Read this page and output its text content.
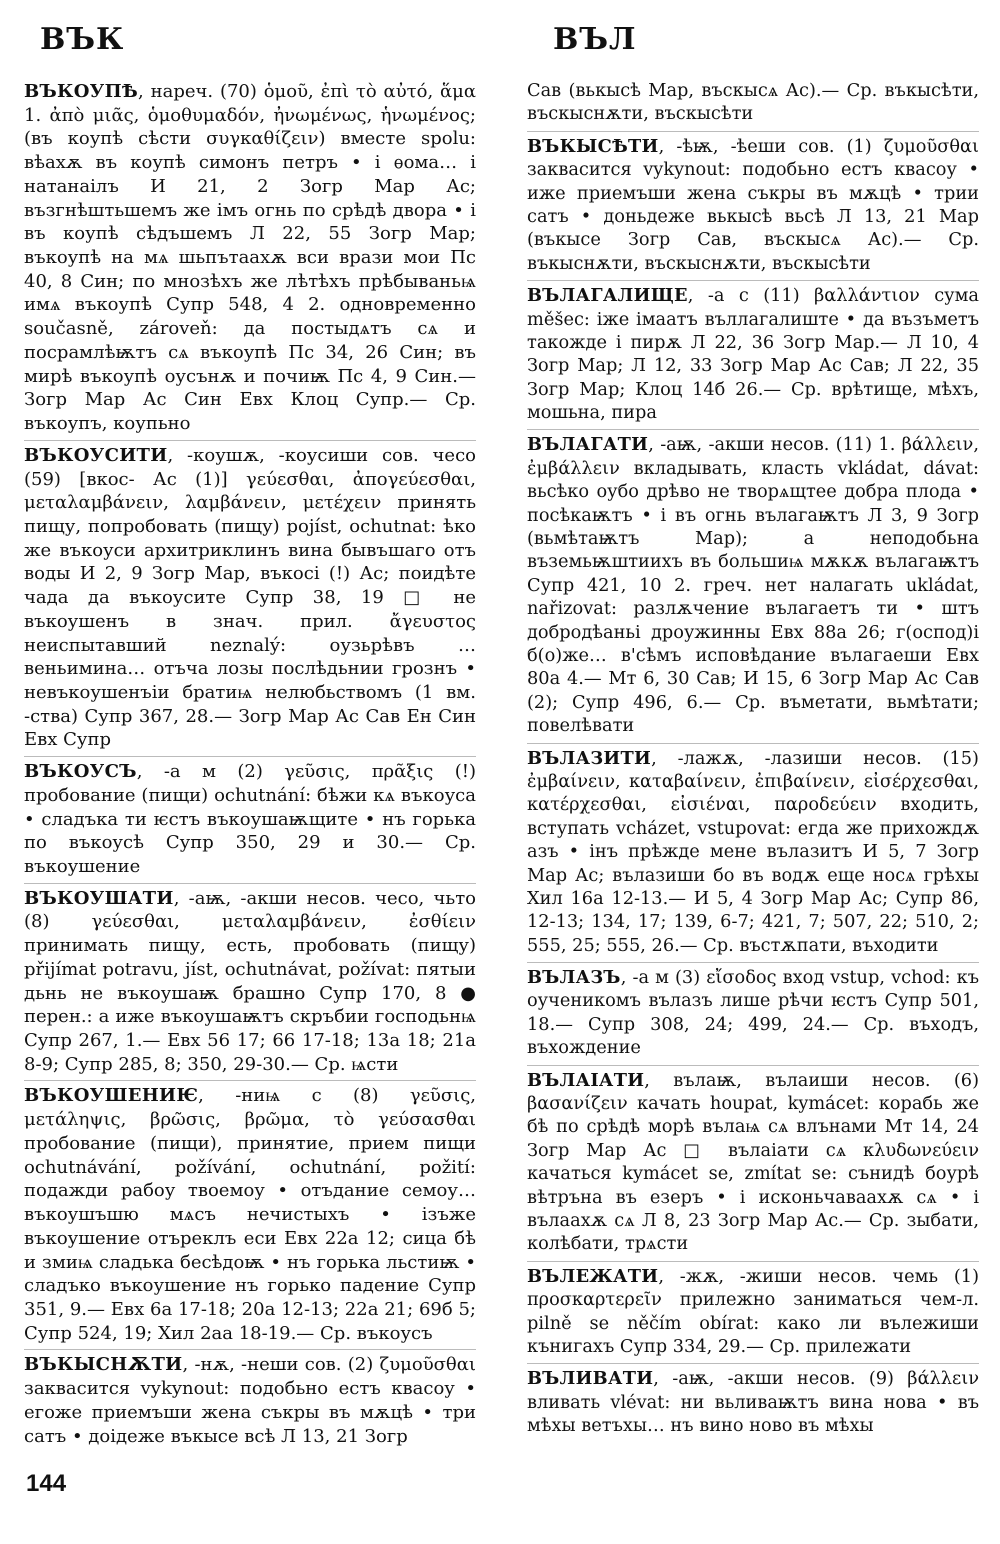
ВЪК	ВЪЛ

ВЪКОУПѢ, нареч. (70) ὁμοῦ, ἐπὶ τὸ αὐτό, ἅμα 1. ἀπὸ μιᾶς, ὁμοθυμαδόν, ἠνωμένως, ἡνωμένος; (въ коупѣ сѣсти συγκαθίζειν) вместе spolu: вѣахѫ въ коупѣ симонъ петръ • і ѳома… і натанаілъ И 21, 2 Зогр Мар Ас; възгнѣштьшемъ же імъ огнь по срѣдѣ двора • і въ коупѣ сѣдъшемъ Л 22, 55 Зогр Мар; въкоупѣ на мѧ шьпътаахѫ вси врази мои Пс 40, 8 Син; по мнозѣхъ же лѣтѣхъ прѣбываньѩ имѧ въкоупѣ Супр 548, 4 2. одновременно současně, zároveň: да постыдѧтъ сѧ и посрамлѣѭтъ сѧ въкоупѣ Пс 34, 26 Син; въ мирѣ въкоупѣ оусънѫ и почиѭ Пс 4, 9 Син.— Зогр Мар Ас Син Евх Клоц Супр.— Ср. въкоупъ, коупьно

ВЪКОУСИТИ, -коушѫ, -коусиши сов. чесо (59) [вкос- Ас (1)] γεύεσθαι, ἀπογεύεσθαι, μεταλαμβάνειν, λαμβάνειν, μετέχειν принять пищу, попробовать (пищу) pojíst, ochutnat: ѣко же въкоуси архитриклинъ вина бывъшаго отъ воды И 2, 9 Зогр Мар, въкосі (!) Ас; поидѣте чада да въкоусите Супр 38, 19 □ не въкоушенъ в знач. прил. ἄγευστος неиспытавший neznalý: оузьрѣвъ … веньимина… отъча лозы послѣдьнии грознъ • невъкоушенъіи братиѩ нелюбьствомъ (1 вм. -ства) Супр 367, 28.— Зогр Мар Ас Сав Ен Син Евх Супр

ВЪКОУСЪ, -а м (2) γεῦσις, πρᾶξις (!) пробование (пищи) ochutnání: бѣжи кѧ въкоуса • сладъка ти ѥстъ въкоушаѭщите • нъ горька по въкоусѣ Супр 350, 29 и 30.— Ср. въкоушение

ВЪКОУШАТИ, -аѭ, -акши несов. чесо, чьто (8) γεύεσθαι, μεταλαμβάνειν, ἐσθίειν принимать пищу, есть, пробовать (пищу) přijímat potravu, jíst, ochutnávat, požívat: пятыи дьнь не въкоушаѭ брашно Супр 170, 8 ● перен.: а иже въкоушаѭтъ скръбии господьнѩ Супр 267, 1.— Евх 56 17; 66 17-18; 13а 18; 21а 8-9; Супр 285, 8; 350, 29-30.— Ср. ѩсти

ВЪКОУШЕНИѤ, -ниѩ с (8) γεῦσις, μετάληψις, βρῶσις, βρῶμα, τὸ γεύσασθαι пробование (пищи), принятие, прием пищи ochutnávání, požívání, ochutnání, požití: подажди рабоу твоемоу • отъдание семоу… въкоушъшю мѧсъ нечистыхъ • ізъже въкоушение отъреклъ еси Евх 22а 12; сица бѣ и змиѩ сладька бесѣдоѭ • нъ горька льстиѭ • сладъко въкоушение нъ горько падение Супр 351, 9.— Евх 6а 17-18; 20а 12-13; 22а 21; 69б 5; Супр 524, 19; Хил 2аа 18-19.— Ср. въкоусъ

ВЪКЫСНѪТИ, -нѫ, -неши сов. (2) ζυμοῦσθαι заквасится vykynout: подобьно естъ квасоу • егоже приемъши жена съкры въ мѫцѣ • три сатъ • доідеже въкысе всѣ Л 13, 21 Зогр

Сав (вькысѣ Мар, въскысѧ Ас).— Ср. въкысѣти, въскыснѫти, въскысѣти

ВЪКЫСѢТИ, -ѣѭ, -ѣеши сов. (1) ζυμοῦσθαι заквасится vykynout: подобьно естъ квасоу • иже приемъши жена съкры въ мѫцѣ • трии сатъ • доньдеже вькысѣ вьсѣ Л 13, 21 Мар (въкысе Зогр Сав, въскысѧ Ас).— Ср. въкыснѫти, въскыснѫти, въскысѣти

ВЪЛАГАЛИЩЕ, -а с (11) βαλλάντιον сума měšec: іже імаатъ въллагалиште • да възъметъ такожде і пирѫ Л 22, 36 Зогр Мар.— Л 10, 4 Зогр Мар; Л 12, 33 Зогр Мар Ас Сав; Л 22, 35 Зогр Мар; Клоц 14б 26.— Ср. врѣтище, мѣхъ, мошьна, пира

ВЪЛАГАТИ, -аѭ, -акши несов. (11) 1. βάλλειν, ἐμβάλλειν вкладывать, класть vkládat, dávat: вьсѣко оубо дрѣво не творѧщтее добра плода • посѣкаѭтъ • і въ огнь вълагаѭтъ Л 3, 9 Зогр (вьмѣтаѭтъ Мар); а неподобьна въземьѭштиихъ въ большиѩ мѫкѫ вълагаѭтъ Супр 421, 10 2. греч. нет налагать ukládat, nařizovat: разлѫчение вълагаетъ ти • штъ добродѣаньі дроужинны Евх 88а 26; г(оспод)і б(о)же… в'сѣмъ исповѣдание вълагаеши Евх 80а 4.— Мт 6, 30 Сав; И 15, 6 Зогр Мар Ас Сав (2); Супр 496, 6.— Ср. въметати, вьмѣтати; повелѣвати

ВЪЛАЗИТИ, -лажѫ, -лазиши несов. (15) ἐμβαίνειν, καταβαίνειν, ἐπιβαίνειν, εἰσέρχεσθαι, κατέρχεσθαι, εἰσιέναι, παροδεύειν входить, вступать vcházet, vstupovat: егда же прихождѫ азъ • інъ прѣжде мене вълазитъ И 5, 7 Зогр Мар Ас; вълазиши бо въ водѫ еще носѧ грѣхы Хил 16а 12-13.— И 5, 4 Зогр Мар Ас; Супр 86, 12-13; 134, 17; 139, 6-7; 421, 7; 507, 22; 510, 2; 555, 25; 555, 26.— Ср. въстѫпати, въходити

ВЪЛАЗЪ, -а м (3) εἴσοδος вход vstup, vchod: къ оученикомъ вълазъ лише рѣчи ѥстъ Супр 501, 18.— Супр 308, 24; 499, 24.— Ср. въходъ, въхождение

ВЪЛАІАТИ, вълаѭ, вълаиши несов. (6) βασανίζειν качать houpat, kymácet: корабь же бѣ по срѣдѣ морѣ вълаѩ сѧ влънами Мт 14, 24 Зогр Мар Ас □ вълаіати сѧ κλυδωνεύειν качаться kymácet se, zmítat se: сънидѣ боурѣ вѣтръна въ езеръ • і исконьчаваахѫ сѧ • і вълаахѫ сѧ Л 8, 23 Зогр Мар Ас.— Ср. зыбати, колѣбати, трѧсти

ВЪЛЕЖАТИ, -жѫ, -жиши несов. чемь (1) προσκαρτερεῖν прилежно заниматься чем-л. pilně se něčím obírat: како ли вълежиши кънигахъ Супр 334, 29.— Ср. прилежати

ВЪЛИВАТИ, -аѭ, -акши несов. (9) βάλλειν вливать vlévat: ни вьливаѭтъ вина нова • въ мѣхы ветъхы… нъ вино ново въ мѣхы

144
